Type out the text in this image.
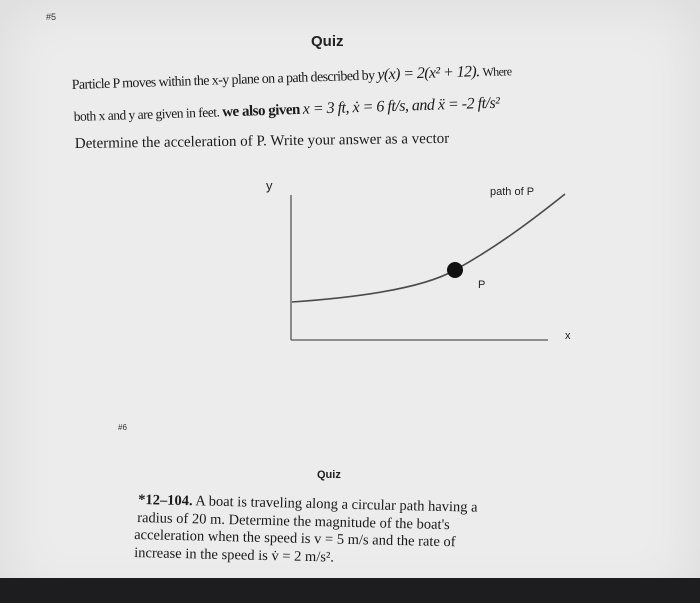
#5
Quiz
Particle P moves within the x-y plane on a path described by y(x) = 2(x² + 12). Where
both x and y are given in feet. we also given x = 3 ft, ẋ = 6 ft/s, and ẍ = -2 ft/s²
Determine the acceleration of P. Write your answer as a vector
y
x
path of P
P
#6
Quiz
*12–104. A boat is traveling along a circular path having a
radius of 20 m. Determine the magnitude of the boat's
acceleration when the speed is v = 5 m/s and the rate of
increase in the speed is v̇ = 2 m/s².
